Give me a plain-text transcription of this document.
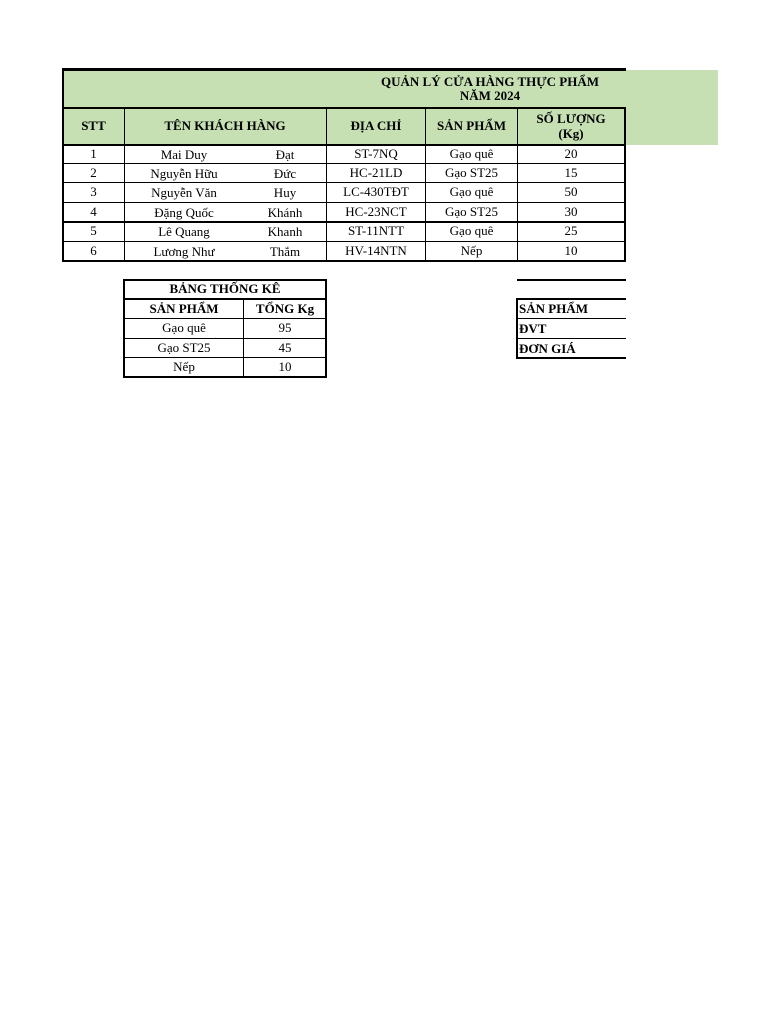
QUẢN LÝ CỬA HÀNG THỰC PHẨM
NĂM 2024
STT	TÊN KHÁCH HÀNG	ĐỊA CHỈ	SẢN PHẨM	SỐ LƯỢNG
(Kg)
1	Mai Duy	Đạt	ST-7NQ	Gạo quê	20
2	Nguyễn Hữu	Đức	HC-21LD	Gạo ST25	15
3	Nguyễn Văn	Huy	LC-430TĐT	Gạo quê	50
4	Đặng Quốc	Khánh	HC-23NCT	Gạo ST25	30
5	Lê Quang	Khanh	ST-11NTT	Gạo quê	25
6	Lương Như	Thắm	HV-14NTN	Nếp	10
BẢNG THỐNG KÊ
SẢN PHẨM	TỔNG Kg
Gạo quê	95
Gạo ST25	45
Nếp	10
SẢN PHẨM
ĐVT
ĐƠN GIÁ
